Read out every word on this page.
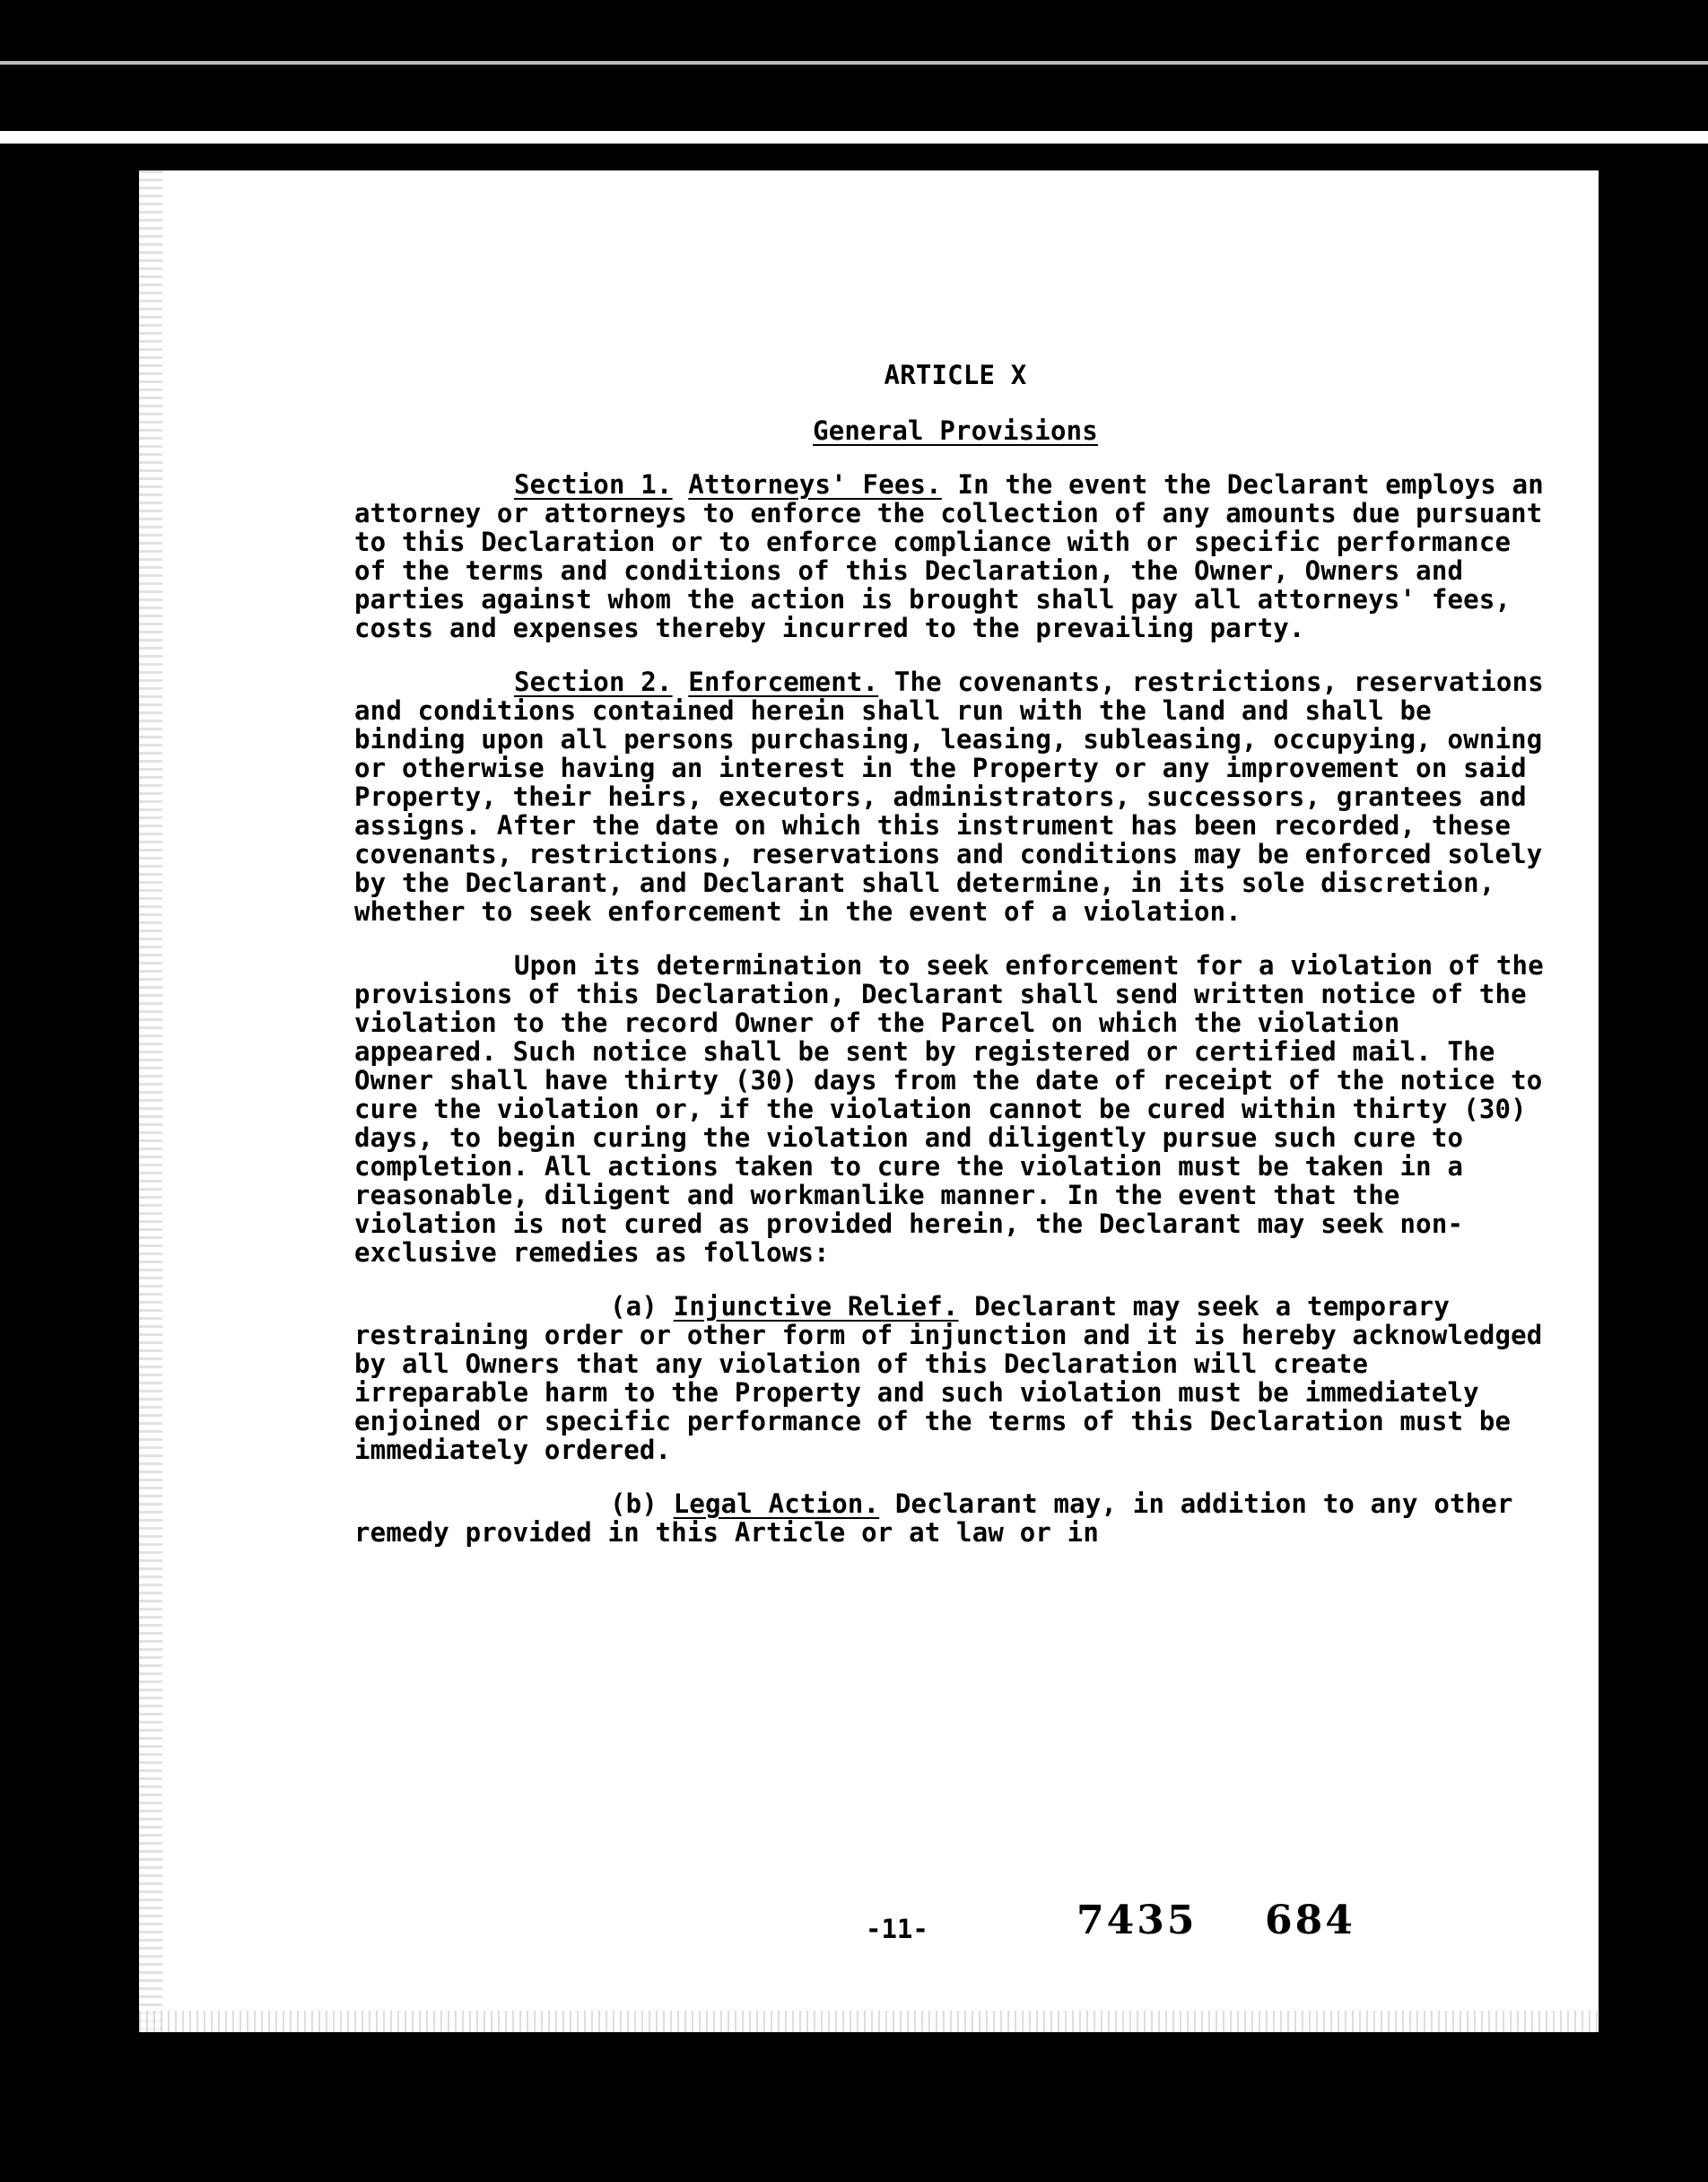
ARTICLE X
General Provisions

Section 1. Attorneys' Fees. In the event the Declarant employs an attorney or attorneys to enforce the collection of any amounts due pursuant to this Declaration or to enforce compliance with or specific performance of the terms and conditions of this Declaration, the Owner, Owners and parties against whom the action is brought shall pay all attorneys' fees, costs and expenses thereby incurred to the prevailing party.

Section 2. Enforcement. The covenants, restrictions, reservations and conditions contained herein shall run with the land and shall be binding upon all persons purchasing, leasing, subleasing, occupying, owning or otherwise having an interest in the Property or any improvement on said Property, their heirs, executors, administrators, successors, grantees and assigns. After the date on which this instrument has been recorded, these covenants, restrictions, reservations and conditions may be enforced solely by the Declarant, and Declarant shall determine, in its sole discretion, whether to seek enforcement in the event of a violation.

Upon its determination to seek enforcement for a violation of the provisions of this Declaration, Declarant shall send written notice of the violation to the record Owner of the Parcel on which the violation appeared. Such notice shall be sent by registered or certified mail. The Owner shall have thirty (30) days from the date of receipt of the notice to cure the violation or, if the violation cannot be cured within thirty (30) days, to begin curing the violation and diligently pursue such cure to completion. All actions taken to cure the violation must be taken in a reasonable, diligent and workmanlike manner. In the event that the violation is not cured as provided herein, the Declarant may seek non-exclusive remedies as follows:

(a) Injunctive Relief. Declarant may seek a temporary restraining order or other form of injunction and it is hereby acknowledged by all Owners that any violation of this Declaration will create irreparable harm to the Property and such violation must be immediately enjoined or specific performance of the terms of this Declaration must be immediately ordered.

(b) Legal Action. Declarant may, in addition to any other remedy provided in this Article or at law or in

-11-	7435 684
